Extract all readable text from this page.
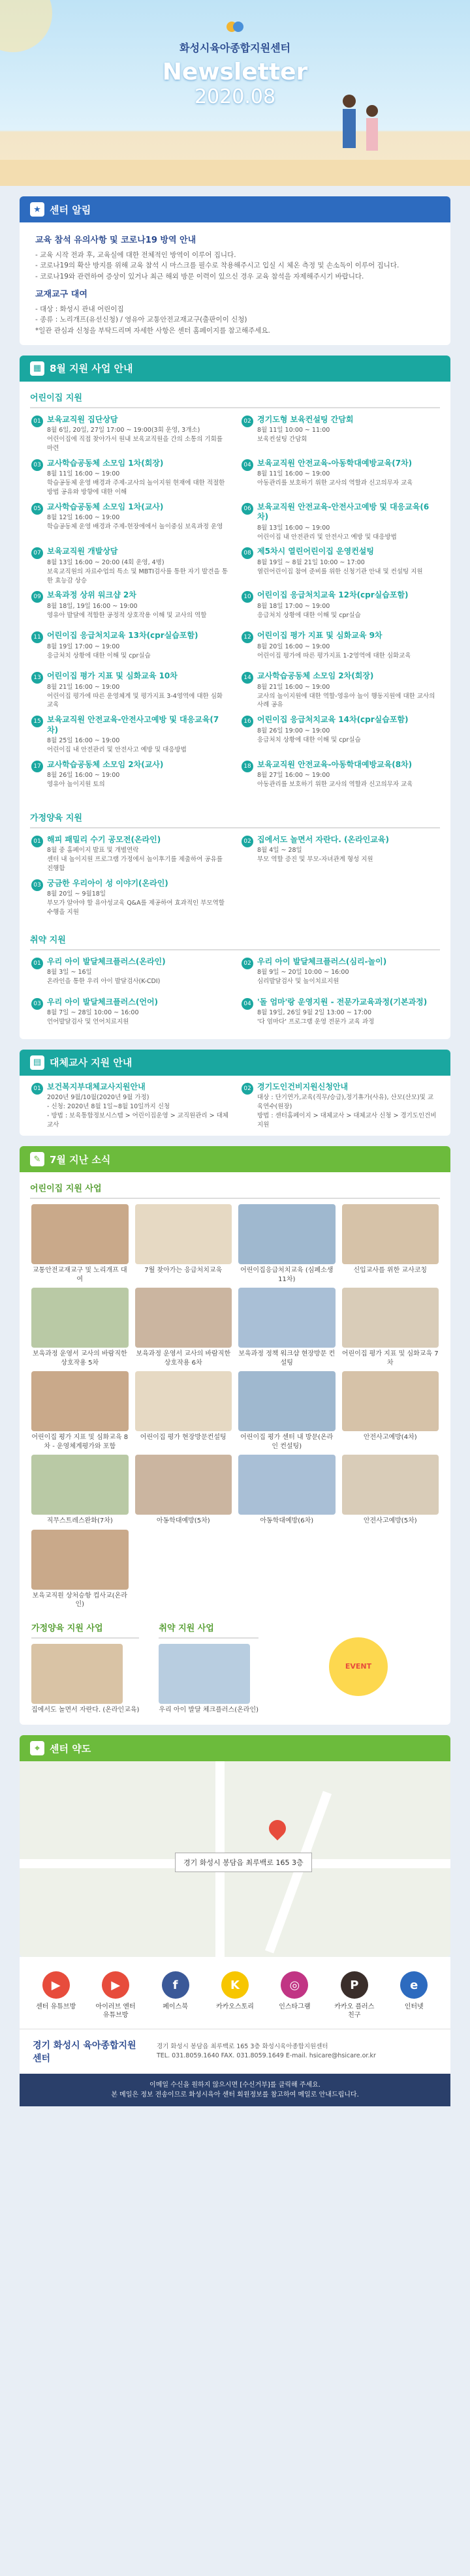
화성시육아종합지원센터
Newsletter
2020.08
★ 센터 알림
교육 참석 유의사항 및 코로나19 방역 안내

- 교육 시작 전과 후, 교육실에 대한 전체적인 방역이 이루어 집니다.
- 코로나19의 확산 방지를 위해 교육 참석 시 마스크를 필수로 착용해주시고 입실 시 체온 측정 및 손소독이 이루어 집니다.
- 코로나19와 관련하여 증상이 있거나 최근 해외 방문 이력이 있으신 경우 교육 참석을 자제해주시기 바랍니다.

교재교구 대여

- 대상 : 화성시 관내 어린이집
- 종류 : 노리개프(유선신청) / 영유아 교통안전교재교구(출판이이 신청)
*일관 관심과 신청을 부탁드리며 자세한 사항은 센터 홈페이지를 참고해주세요.

▦ 8월 지원 사업 안내
어린이집 지원
01 보육교직원 집단상담
8월 6일, 20일, 27일 17:00 ~ 19:00(3회 운영, 3개소)
어린이집에 직접 찾아가서 원내 보육교직원을 간의 소통의 기회를 마련
02 경기도형 보육컨설팅 간담회
8월 11일 10:00 ~ 11:00
보육컨설팅 간담회
03 교사학습공동체 소모임 1차(회장)
8월 11일 16:00 ~ 19:00
학습공동체 운영 배경과 주제-교사의 놀이지원 현재에 대한 적절한 방법 공유와 방향에 대한 이해
04 보육교직원 안전교육-아동학대예방교육(7차)
8월 11일 16:00 ~ 19:00
아동관리를 보호하기 위한 교사의 역할과 신고의무자 교육
05 교사학습공동체 소모임 1차(교사)
8월 12일 16:00 ~ 19:00
학습공동체 운영 배경과 주제-현장에에서 놀이중심 보육과정 운영
06 보육교직원 안전교육-안전사고예방 및 대응교육(6차)
8월 13일 16:00 ~ 19:00
어린이집 내 안전관리 및 안전사고 예방 및 대응방법
07 보육교직원 개발상담
8월 13일 16:00 ~ 20:00 (4회 운영, 4명)
보육교직원의 자료수업의 특소 및 MBTI검사를 통한 자기 발견을 통한 효능감 상승
08 제5차시 열린어린이집 운영컨설팅
8월 19일 ~ 8월 21일 10:00 ~ 17:00
열린어린이집 참여 준비를 위한 신청기관 안내 및 컨설팅 지원
09 보육과정 상위 워크샵 2차
8월 18일, 19일 16:00 ~ 19:00
영유아 발달에 적합한 공정적 상호작용 이해 및 교사의 역할
10 어린이집 응급처치교육 12차(cpr실습포함)
8월 18일 17:00 ~ 19:00
응급처치 상황에 대한 이해 및 cpr실습
11 어린이집 응급처치교육 13차(cpr실습포함)
8월 19일 17:00 ~ 19:00
응급처치 상황에 대한 이해 및 cpr실습
12 어린이집 평가 지표 및 심화교육 9차
8월 20일 16:00 ~ 19:00
어린이집 평가에 따른 평가지표 1-2영역에 대한 심화교육
13 어린이집 평가 지표 및 심화교육 10차
8월 21일 16:00 ~ 19:00
어린이집 평가에 따른 운영체계 및 평가지표 3-4영역에 대한 심화교육
14 교사학습공동체 소모임 2차(회장)
8월 21일 16:00 ~ 19:00
교사의 놀이지원에 대한 역할-영유아 놀이 행동지원에 대한 교사의 사례 공유
15 보육교직원 안전교육-안전사고예방 및 대응교육(7차)
8월 25일 16:00 ~ 19:00
어린이집 내 안전관리 및 안전사고 예방 및 대응방법
16 어린이집 응급처치교육 14차(cpr실습포함)
8월 26일 19:00 ~ 19:00
응급처치 상황에 대한 이해 및 cpr실습
17 교사학습공동체 소모임 2차(교사)
8월 26일 16:00 ~ 19:00
영유아 놀이지원 토의
18 보육교직원 안전교육-아동학대예방교육(8차)
8월 27일 16:00 ~ 19:00
아동관리를 보호하기 위한 교사의 역할과 신고의무자 교육
가정양육 지원
01 해피 패밀리 수기 공모전(온라인)
8월 중 홈페이지 발표 및 개별연락
센터 내 놀이지원 프로그램 가정에서 놀이후기를 제출하여 공유를 진행함
02 집에서도 놀면서 자란다. (온라인교육)
8월 4일 ~ 28일
부모 역할 증진 및 부모-자녀관계 형성 지원
03 궁금한 우리아이 성 이야기(온라인)
8월 20일 ~ 9월18일
부모가 알아야 할 유아성교육 Q&A를 제공하여 효과적인 부모역할 수행을 지원
취약 지원
01 우리 아이 발달체크플러스(온라인)
8월 3일 ~ 16일
온라인을 통한 우리 아이 발달검사(K-CDI)
02 우리 아이 발달체크플러스(심리-놀이)
8월 9일 ~ 20일 10:00 ~ 16:00
심리발달검사 및 놀이치료지원
03 우리 아이 발달체크플러스(언어)
8월 7일 ~ 28일 10:00 ~ 16:00
언어발달검사 및 언어치료지원
04 '돌 엄마'랑 운영지원 - 전문가교육과정(기본과정)
8월 19일, 26일 9월 2일 13:00 ~ 17:00
'다 엄마다' 프로그램 운영 전문가 교육 과정
▤ 대체교사 지원 안내
01 보건복지부대체교사지원안내
2020년 9월/10월(2020년 9월 가정)
- 신청: 2020년 8월 1일~8월 10일까지 신청
- 방법 : 보육통합정보시스템 > 어린이집운영 > 교직원관리 > 대체교사
02 경기도인건비지원신청안내
대상 : 단기연가,교육(직무/승급),정기휴가(사유), 산모(산모)및 교육연수(원장)
방법 : 센터홈페이지 > 대체교사 > 대체교사 신청 > 경기도인건비지원
✎ 7월 지난 소식
어린이집 지원 사업
교통안전교재교구 및 노리개프 대여
7월 찾아가는 응급처치교육	어린이집응급처치교육 (심폐소생 11차)
신입교사를 위한 교사코칭
보육과정 운영서 교사의 바람직한 상호작용 5차
보육과정 운영서 교사의 바람직한 상호작용 6차
보육과정 정책 워크샵 현장방문 컨설팅
어린이집 평가 지표 및 심화교육 7차
어린이집 평가 지표 및 심화교육 8차 - 운영체계평가와 포함
어린이집 평가 현장방문컨설팅	어린이집 평가 센터 내 방문(온라인 컨설팅)
안전사고예방(4차)
직무스트레스완화(7차)	아동학대예방(5차)	아동학대예방(6차)	안전사고예방(5차)
보육교직원 상처승항 컵사교(온라인)
가정양육 지원 사업
집에서도 놀면서 자란다. (온라인교육)
취약 지원 사업
우리 아이 발달 체크플러스(온라인)
EVENT
⌖	센터 약도
경기 화성시 봉담읍 최루백로 165 3층
▶
센터 유튜브방
▶
아이러브 엔터 유튜브방
f
페이스북
K
카카오스토리
◎
인스타그램
P
카카오 플러스친구
e
인터넷
경기 화성시 육아종합지원센터
경기 화성시 봉담읍 최루백로 165 3층 화성시육아종합지원센터
TEL. 031.8059.1640 FAX. 031.8059.1649 E-mail. hsicare@hsicare.or.kr
이메일 수신을 원하지 않으시면 [수신거부]를 클릭해 주세요.
본 메일은 정보 전송이므로 화성시육아 센터 회원정보를 참고하여 메일로 안내드립니다.
